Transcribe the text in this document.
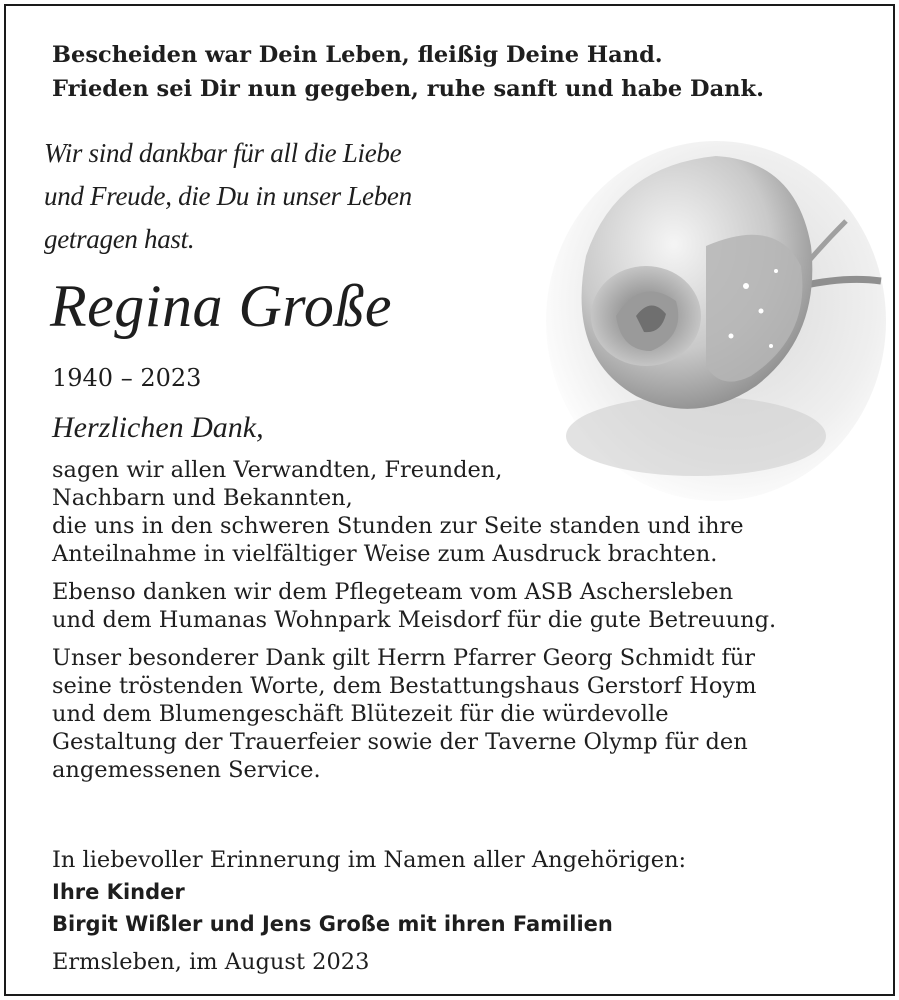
Bescheiden war Dein Leben, fleißig Deine Hand.
Frieden sei Dir nun gegeben, ruhe sanft und habe Dank.
Wir sind dankbar für all die Liebe
und Freude, die Du in unser Leben
getragen hast.
Regina Große
1940 – 2023
Herzlichen Dank,

sagen wir allen Verwandten, Freunden,
Nachbarn und Bekannten,
die uns in den schweren Stunden zur Seite standen und ihre
Anteilnahme in vielfältiger Weise zum Ausdruck brachten.

Ebenso danken wir dem Pflegeteam vom ASB Aschersleben
und dem Humanas Wohnpark Meisdorf für die gute Betreuung.

Unser besonderer Dank gilt Herrn Pfarrer Georg Schmidt für
seine tröstenden Worte, dem Bestattungshaus Gerstorf Hoym
und dem Blumengeschäft Blütezeit für die würdevolle
Gestaltung der Trauerfeier sowie der Taverne Olymp für den
angemessenen Service.

In liebevoller Erinnerung im Namen aller Angehörigen:
Ihre Kinder
Birgit Wißler und Jens Große mit ihren Familien
Ermsleben, im August 2023
